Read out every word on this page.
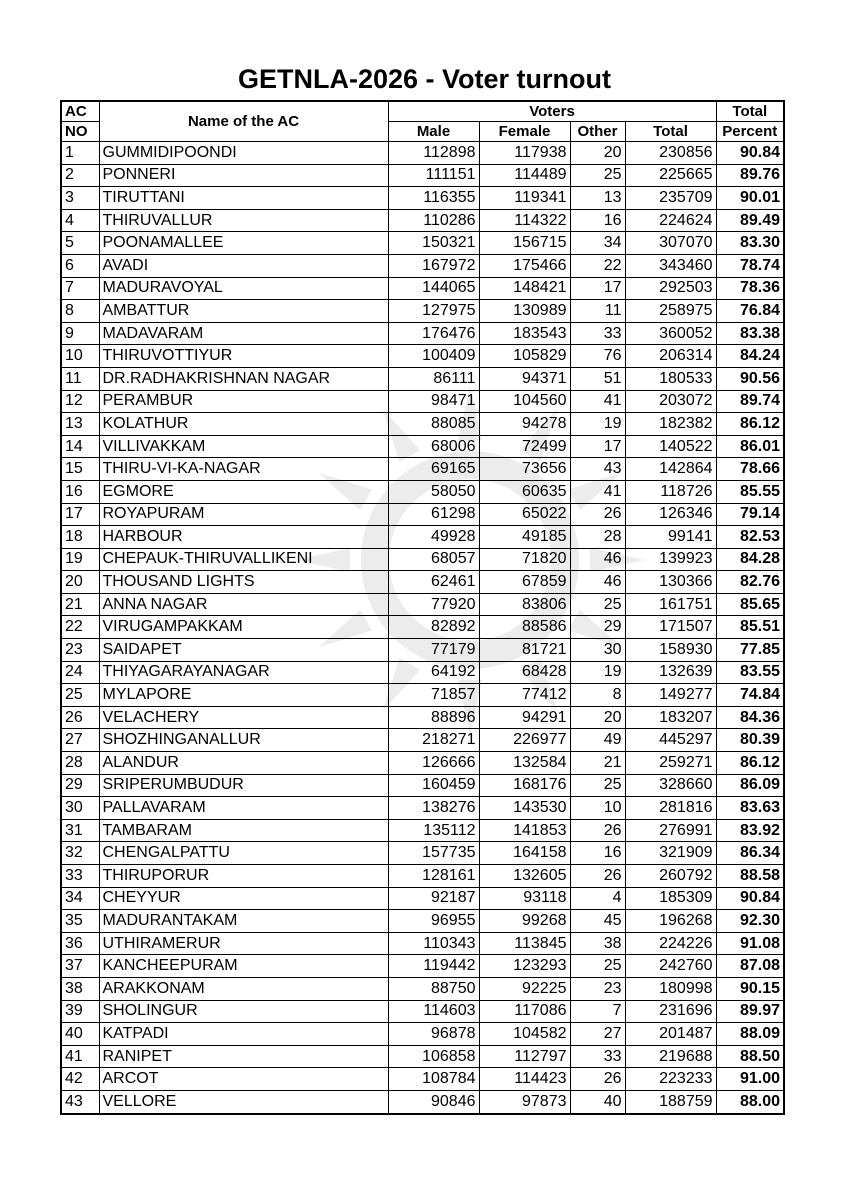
GETNLA-2026 - Voter turnout
AC	Name of the AC	Voters				Total
NO		Male	Female	Other	Total	Percent
1	GUMMIDIPOONDI	112898	117938	20	230856	90.84
2	PONNERI	111151	114489	25	225665	89.76
3	TIRUTTANI	116355	119341	13	235709	90.01
4	THIRUVALLUR	110286	114322	16	224624	89.49
5	POONAMALLEE	150321	156715	34	307070	83.30
6	AVADI	167972	175466	22	343460	78.74
7	MADURAVOYAL	144065	148421	17	292503	78.36
8	AMBATTUR	127975	130989	11	258975	76.84
9	MADAVARAM	176476	183543	33	360052	83.38
10	THIRUVOTTIYUR	100409	105829	76	206314	84.24
11	DR.RADHAKRISHNAN NAGAR	86111	94371	51	180533	90.56
12	PERAMBUR	98471	104560	41	203072	89.74
13	KOLATHUR	88085	94278	19	182382	86.12
14	VILLIVAKKAM	68006	72499	17	140522	86.01
15	THIRU-VI-KA-NAGAR	69165	73656	43	142864	78.66
16	EGMORE	58050	60635	41	118726	85.55
17	ROYAPURAM	61298	65022	26	126346	79.14
18	HARBOUR	49928	49185	28	99141	82.53
19	CHEPAUK-THIRUVALLIKENI	68057	71820	46	139923	84.28
20	THOUSAND LIGHTS	62461	67859	46	130366	82.76
21	ANNA NAGAR	77920	83806	25	161751	85.65
22	VIRUGAMPAKKAM	82892	88586	29	171507	85.51
23	SAIDAPET	77179	81721	30	158930	77.85
24	THIYAGARAYANAGAR	64192	68428	19	132639	83.55
25	MYLAPORE	71857	77412	8	149277	74.84
26	VELACHERY	88896	94291	20	183207	84.36
27	SHOZHINGANALLUR	218271	226977	49	445297	80.39
28	ALANDUR	126666	132584	21	259271	86.12
29	SRIPERUMBUDUR	160459	168176	25	328660	86.09
30	PALLAVARAM	138276	143530	10	281816	83.63
31	TAMBARAM	135112	141853	26	276991	83.92
32	CHENGALPATTU	157735	164158	16	321909	86.34
33	THIRUPORUR	128161	132605	26	260792	88.58
34	CHEYYUR	92187	93118	4	185309	90.84
35	MADURANTAKAM	96955	99268	45	196268	92.30
36	UTHIRAMERUR	110343	113845	38	224226	91.08
37	KANCHEEPURAM	119442	123293	25	242760	87.08
38	ARAKKONAM	88750	92225	23	180998	90.15
39	SHOLINGUR	114603	117086	7	231696	89.97
40	KATPADI	96878	104582	27	201487	88.09
41	RANIPET	106858	112797	33	219688	88.50
42	ARCOT	108784	114423	26	223233	91.00
43	VELLORE	90846	97873	40	188759	88.00
